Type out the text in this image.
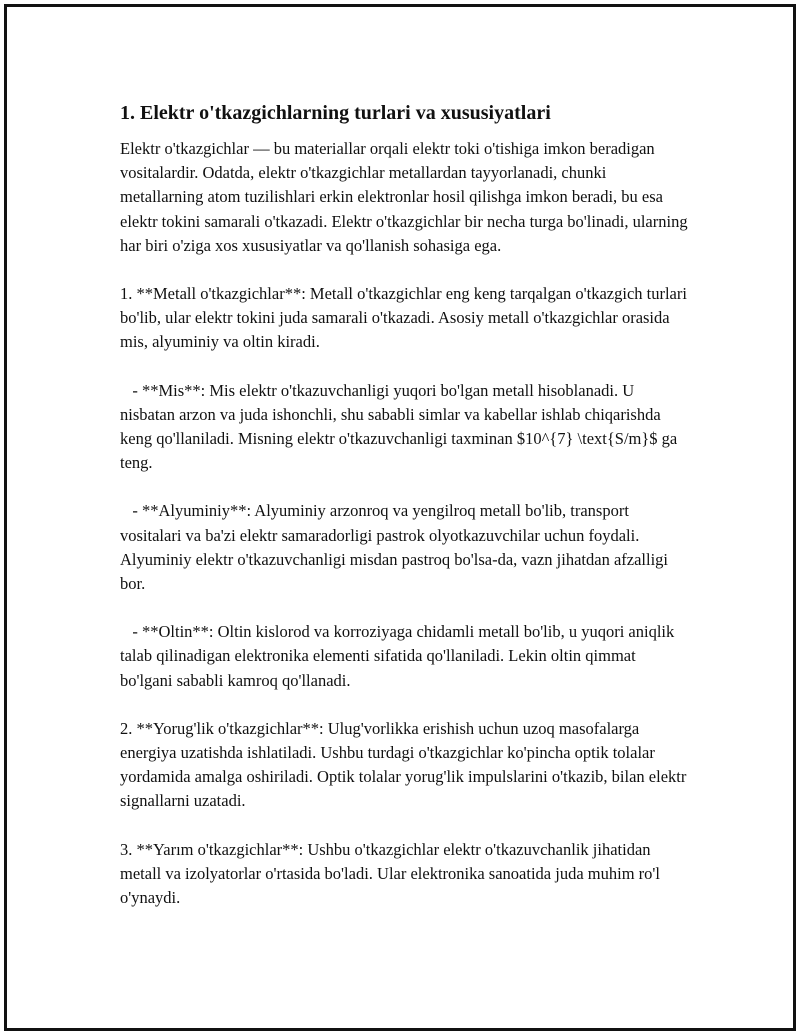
1. Elektr o'tkazgichlarning turlari va xususiyatlari

Elektr o'tkazgichlar — bu materiallar orqali elektr toki o'tishiga imkon beradigan vositalardir. Odatda, elektr o'tkazgichlar metallardan tayyorlanadi, chunki metallarning atom tuzilishlari erkin elektronlar hosil qilishga imkon beradi, bu esa elektr tokini samarali o'tkazadi. Elektr o'tkazgichlar bir necha turga bo'linadi, ularning har biri o'ziga xos xususiyatlar va qo'llanish sohasiga ega.

1. **Metall o'tkazgichlar**: Metall o'tkazgichlar eng keng tarqalgan o'tkazgich turlari bo'lib, ular elektr tokini juda samarali o'tkazadi. Asosiy metall o'tkazgichlar orasida mis, alyuminiy va oltin kiradi.

- **Mis**: Mis elektr o'tkazuvchanligi yuqori bo'lgan metall hisoblanadi. U nisbatan arzon va juda ishonchli, shu sababli simlar va kabellar ishlab chiqarishda keng qo'llaniladi. Misning elektr o'tkazuvchanligi taxminan $10^{7} \text{S/m}$ ga teng.

- **Alyuminiy**: Alyuminiy arzonroq va yengilroq metall bo'lib, transport vositalari va ba'zi elektr samaradorligi pastrok olyotkazuvchilar uchun foydali. Alyuminiy elektr o'tkazuvchanligi misdan pastroq bo'lsa-da, vazn jihatdan afzalligi bor.

- **Oltin**: Oltin kislorod va korroziyaga chidamli metall bo'lib, u yuqori aniqlik talab qilinadigan elektronika elementi sifatida qo'llaniladi. Lekin oltin qimmat bo'lgani sababli kamroq qo'llanadi.

2. **Yorug'lik o'tkazgichlar**: Ulug'vorlikka erishish uchun uzoq masofalarga energiya uzatishda ishlatiladi. Ushbu turdagi o'tkazgichlar ko'pincha optik tolalar yordamida amalga oshiriladi. Optik tolalar yorug'lik impulslarini o'tkazib, bilan elektr signallarni uzatadi.

3. **Yarım o'tkazgichlar**: Ushbu o'tkazgichlar elektr o'tkazuvchanlik jihatidan metall va izolyatorlar o'rtasida bo'ladi. Ular elektronika sanoatida juda muhim ro'l o'ynaydi.
